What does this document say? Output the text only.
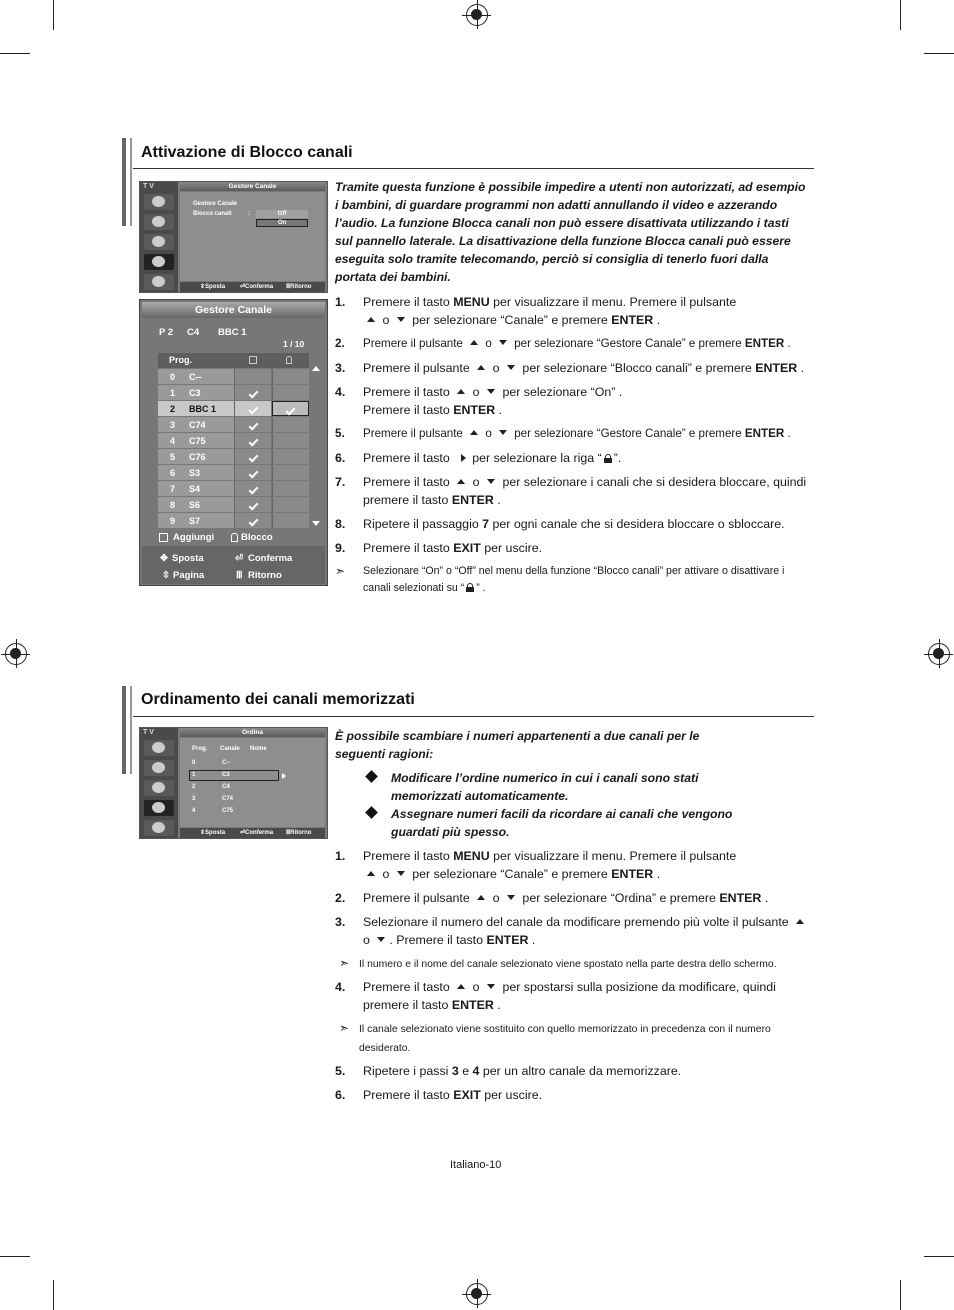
Attivazione di Blocco canali
T V	Gestore Canale
Gestore Canale
Blocco canali	:	Off
On
⇕Sposta ⏎Conferma ⅢRitorno
Gestore Canale
P 2 C4 BBC 1
1 / 10
Prog.
0 C--
1 C3
2 BBC 1
3 C74
4 C75
5 C76
6 S3
7 S4
8 S6
9 S7
Aggiungi	Blocco
✥ Sposta	⏎ Conferma
⇳ Pagina	Ⅲ Ritorno
Tramite questa funzione è possibile impedire a utenti non autorizzati, ad esempio i bambini, di guardare programmi non adatti annullando il video e azzerando l’audio. La funzione Blocca canali non può essere disattivata utilizzando i tasti sul pannello laterale. La disattivazione della funzione Blocca canali può essere eseguita solo tramite telecomando, perciò si consiglia di tenerlo fuori dalla portata dei bambini.
1. Premere il tasto MENU per visualizzare il menu. Premere il pulsante
o  per selezionare “Canale” e premere ENTER .
2. Premere il pulsante  o  per selezionare “Gestore Canale” e premere ENTER .
3. Premere il pulsante  o  per selezionare “Blocco canali” e premere ENTER .
4. Premere il tasto  o  per selezionare “On” .
Premere il tasto ENTER .
5. Premere il pulsante  o  per selezionare “Gestore Canale” e premere ENTER .
6. Premere il tasto per selezionare la riga “ ”.
7. Premere il tasto  o  per selezionare i canali che si desidera bloccare, quindi premere il tasto ENTER .
8. Ripetere il passaggio 7 per ogni canale che si desidera bloccare o sbloccare.
9. Premere il tasto EXIT per uscire.
➣ Selezionare “On” o “Off” nel menu della funzione “Blocco canali” per attivare o disattivare i canali selezionati su “ ” .
Ordinamento dei canali memorizzati
T V	Ordina
Prog. Canale Nome
0	C--
1	C3
2	C4
3	C74
4	C75
⇕Sposta ⏎Conferma ⅢRitorno
È possibile scambiare i numeri appartenenti a due canali per le seguenti ragioni:
Modificare l’ordine numerico in cui i canali sono stati memorizzati automaticamente.
Assegnare numeri facili da ricordare ai canali che vengono guardati più spesso.
1. Premere il tasto MENU per visualizzare il menu. Premere il pulsante
o  per selezionare “Canale” e premere ENTER .
2. Premere il pulsante  o  per selezionare “Ordina” e premere ENTER .
3. Selezionare il numero del canale da modificare premendo più volte il pulsante  o . Premere il tasto ENTER .
➣ Il numero e il nome del canale selezionato viene spostato nella parte destra dello schermo.
4. Premere il tasto  o  per spostarsi sulla posizione da modificare, quindi premere il tasto ENTER .
➣ Il canale selezionato viene sostituito con quello memorizzato in precedenza con il numero desiderato.
5. Ripetere i passi 3 e 4 per un altro canale da memorizzare.
6. Premere il tasto EXIT per uscire.
Italiano-10
